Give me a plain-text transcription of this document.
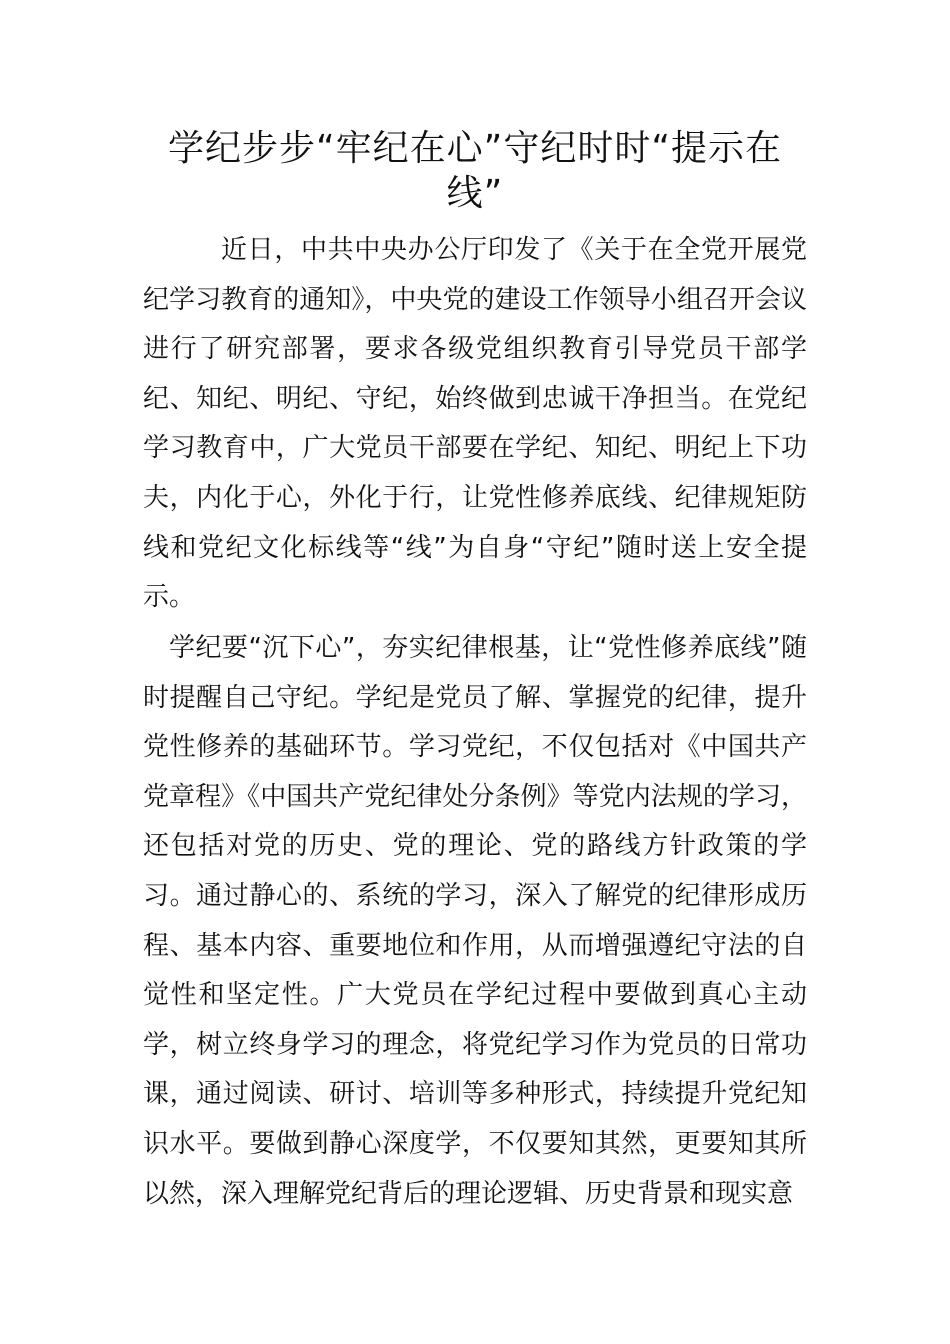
学纪步步“牢纪在心”守纪时时“提示在线”

近日，中共中央办公厅印发了《关于在全党开展党纪学习教育的通知》，中央党的建设工作领导小组召开会议进行了研究部署，要求各级党组织教育引导党员干部学纪、知纪、明纪、守纪，始终做到忠诚干净担当。在党纪学习教育中，广大党员干部要在学纪、知纪、明纪上下功夫，内化于心，外化于行，让党性修养底线、纪律规矩防线和党纪文化标线等“线”为自身“守纪”随时送上安全提示。

学纪要“沉下心”，夯实纪律根基，让“党性修养底线”随时提醒自己守纪。学纪是党员了解、掌握党的纪律，提升党性修养的基础环节。学习党纪，不仅包括对《中国共产党章程》《中国共产党纪律处分条例》等党内法规的学习，还包括对党的历史、党的理论、党的路线方针政策的学习。通过静心的、系统的学习，深入了解党的纪律形成历程、基本内容、重要地位和作用，从而增强遵纪守法的自觉性和坚定性。广大党员在学纪过程中要做到真心主动学，树立终身学习的理念，将党纪学习作为党员的日常功课，通过阅读、研讨、培训等多种形式，持续提升党纪知识水平。要做到静心深度学，不仅要知其然，更要知其所以然，深入理解党纪背后的理论逻辑、历史背景和现实意
